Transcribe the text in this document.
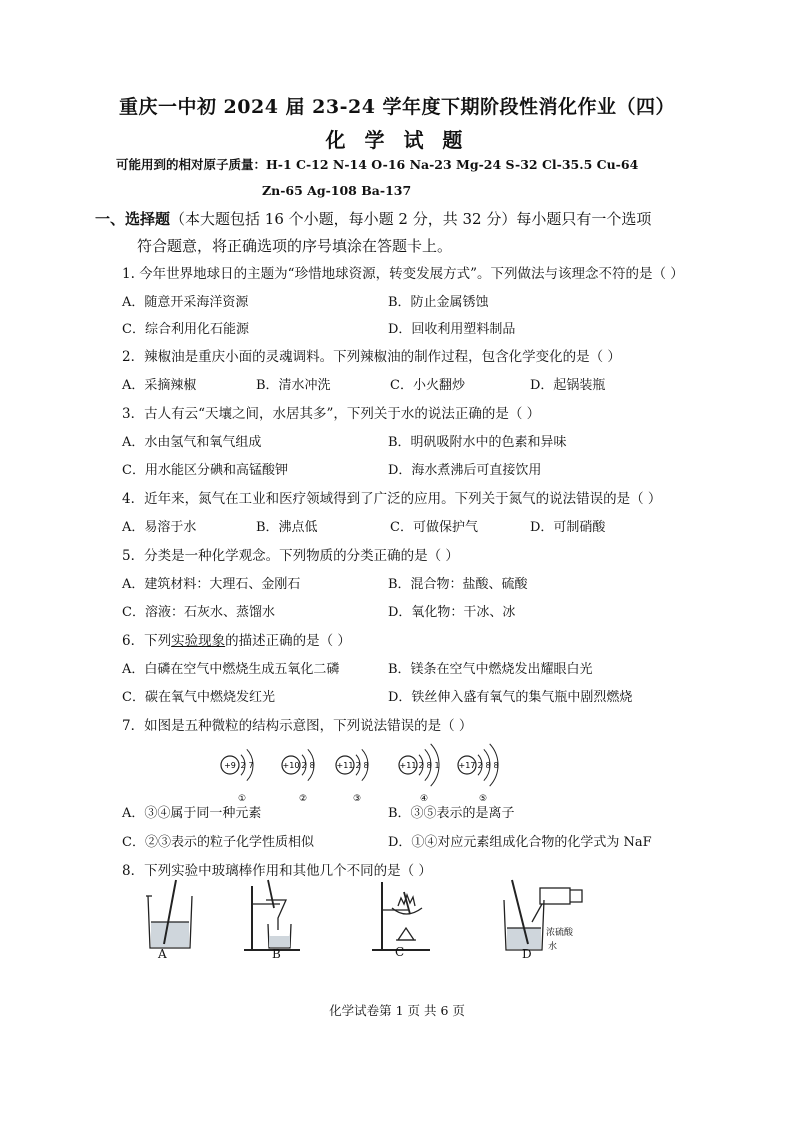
重庆一中初 2024 届 23-24 学年度下期阶段性消化作业（四）
化 学 试 题
可能用到的相对原子质量：H-1 C-12 N-14 O-16 Na-23 Mg-24 S-32 Cl-35.5 Cu-64
Zn-65 Ag-108 Ba-137
一、选择题（本大题包括 16 个小题，每小题 2 分，共 32 分）每小题只有一个选项
符合题意，将正确选项的序号填涂在答题卡上。
1. 今年世界地球日的主题为“珍惜地球资源，转变发展方式”。下列做法与该理念不符的是（ ）
A．随意开采海洋资源	B．防止金属锈蚀
C．综合利用化石能源	D．回收利用塑料制品
2．辣椒油是重庆小面的灵魂调料。下列辣椒油的制作过程，包含化学变化的是（ ）
A．采摘辣椒	B．清水冲洗	C．小火翻炒	D．起锅装瓶
3．古人有云“天壤之间，水居其多”，下列关于水的说法正确的是（ ）
A．水由氢气和氧气组成	B．明矾吸附水中的色素和异味
C．用水能区分碘和高锰酸钾	D．海水煮沸后可直接饮用
4．近年来，氮气在工业和医疗领域得到了广泛的应用。下列关于氮气的说法错误的是（ ）
A．易溶于水	B．沸点低	C．可做保护气	D．可制硝酸
5．分类是一种化学观念。下列物质的分类正确的是（ ）
A．建筑材料：大理石、金刚石	B．混合物：盐酸、硫酸
C．溶液：石灰水、蒸馏水	D．氧化物：干冰、冰
6．下列实验现象的描述正确的是（ ）
A．白磷在空气中燃烧生成五氧化二磷	B．镁条在空气中燃烧发出耀眼白光
C．碳在氧气中燃烧发红光	D．铁丝伸入盛有氧气的集气瓶中剧烈燃烧
7．如图是五种微粒的结构示意图，下列说法错误的是（ ）
+9 2 7
①
+10 2 8
②
+11 2 8
③
+11 2 8 1
④
+17 2 8 8
⑤
A．③④属于同一种元素	B．③⑤表示的是离子
C．②③表示的粒子化学性质相似	D．①④对应元素组成化合物的化学式为 NaF
8．下列实验中玻璃棒作用和其他几个不同的是（ ）
A	B	C	D
浓硫酸
水
化学试卷第 1 页 共 6 页
